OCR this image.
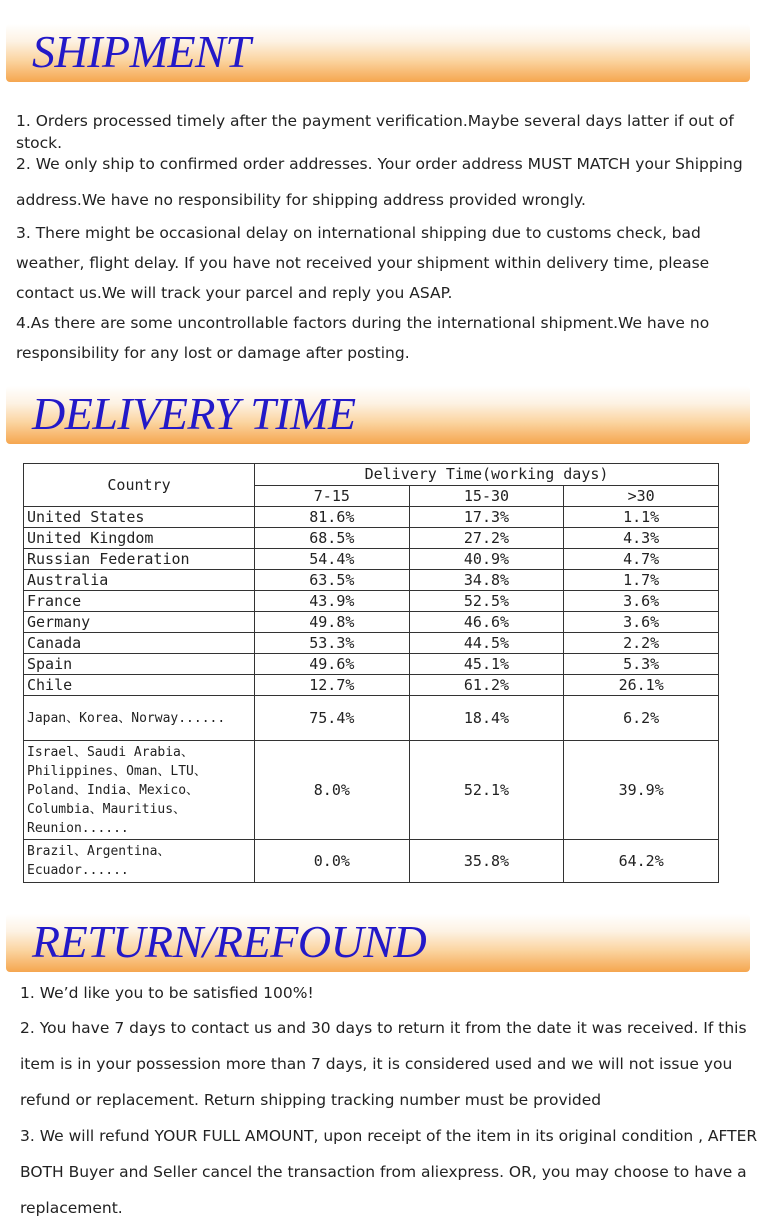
SHIPMENT

1. Orders processed timely after the payment verification.Maybe several days latter if out of stock.

2. We only ship to confirmed order addresses. Your order address MUST MATCH your Shipping address.We have no responsibility for shipping address provided wrongly.

3. There might be occasional delay on international shipping due to customs check, bad weather, flight delay. If you have not received your shipment within delivery time, please contact us.We will track your parcel and reply you ASAP.

4.As there are some uncontrollable factors during the international shipment.We have no responsibility for any lost or damage after posting.

DELIVERY TIME
Country	Delivery Time(working days)		
	7-15	15-30	>30
United States	81.6%	17.3%	1.1%
United Kingdom	68.5%	27.2%	4.3%
Russian Federation	54.4%	40.9%	4.7%
Australia	63.5%	34.8%	1.7%
France	43.9%	52.5%	3.6%
Germany	49.8%	46.6%	3.6%
Canada	53.3%	44.5%	2.2%
Spain	49.6%	45.1%	5.3%
Chile	12.7%	61.2%	26.1%
Japan、Korea、Norway......	75.4%	18.4%	6.2%
Israel、Saudi Arabia、Philippines、Oman、LTU、Poland、India、Mexico、Columbia、Mauritius、Reunion......	8.0%	52.1%	39.9%
Brazil、Argentina、Ecuador......	0.0%	35.8%	64.2%
RETURN/REFOUND

1. We’d like you to be satisfied 100%!

2. You have 7 days to contact us and 30 days to return it from the date it was received. If this item is in your possession more than 7 days, it is considered used and we will not issue you refund or replacement. Return shipping tracking number must be provided

3. We will refund YOUR FULL AMOUNT, upon receipt of the item in its original condition , AFTER BOTH Buyer and Seller cancel the transaction from aliexpress. OR, you may choose to have a replacement.
